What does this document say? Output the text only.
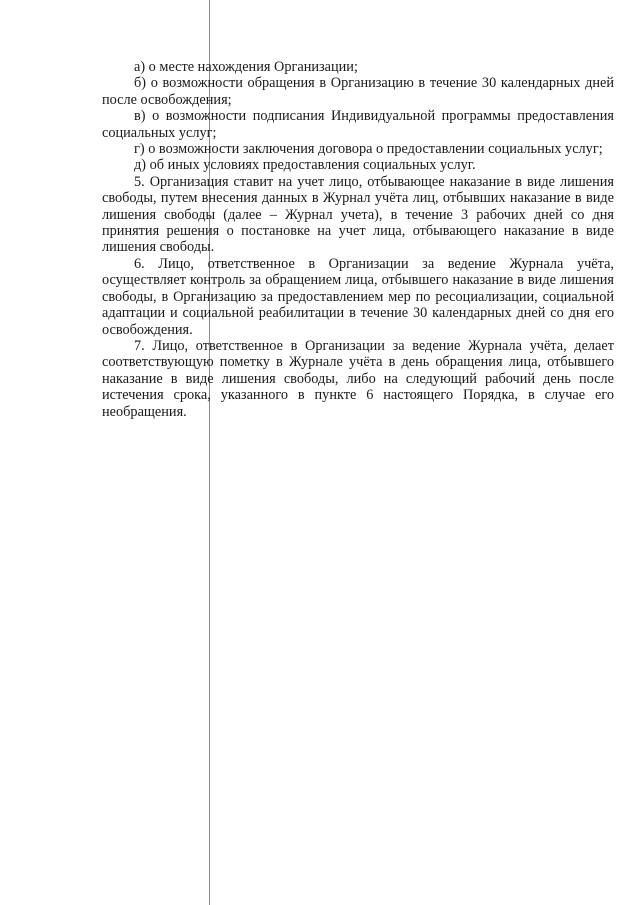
а) о месте нахождения Организации;

б) о возможности обращения в Организацию в течение 30 календарных дней после освобождения;

в) о возможности подписания Индивидуальной программы предоставления социальных услуг;

г) о возможности заключения договора о предоставлении социальных услуг;

д) об иных условиях предоставления социальных услуг.

5. Организация ставит на учет лицо, отбывающее наказание в виде лишения свободы, путем внесения данных в Журнал учёта лиц, отбывших наказание в виде лишения свободы (далее – Журнал учета), в течение 3 рабочих дней со дня принятия решения о постановке на учет лица, отбывающего наказание в виде лишения свободы.

6. Лицо, ответственное в Организации за ведение Журнала учёта, осуществляет контроль за обращением лица, отбывшего наказание в виде лишения свободы, в Организацию за предоставлением мер по ресоциализации, социальной адаптации и социальной реабилитации в течение 30 календарных дней со дня его освобождения.

7. Лицо, ответственное в Организации за ведение Журнала учёта, делает соответствующую пометку в Журнале учёта в день обращения лица, отбывшего наказание в виде лишения свободы, либо на следующий рабочий день после истечения срока, указанного в пункте 6 настоящего Порядка, в случае его необращения.
